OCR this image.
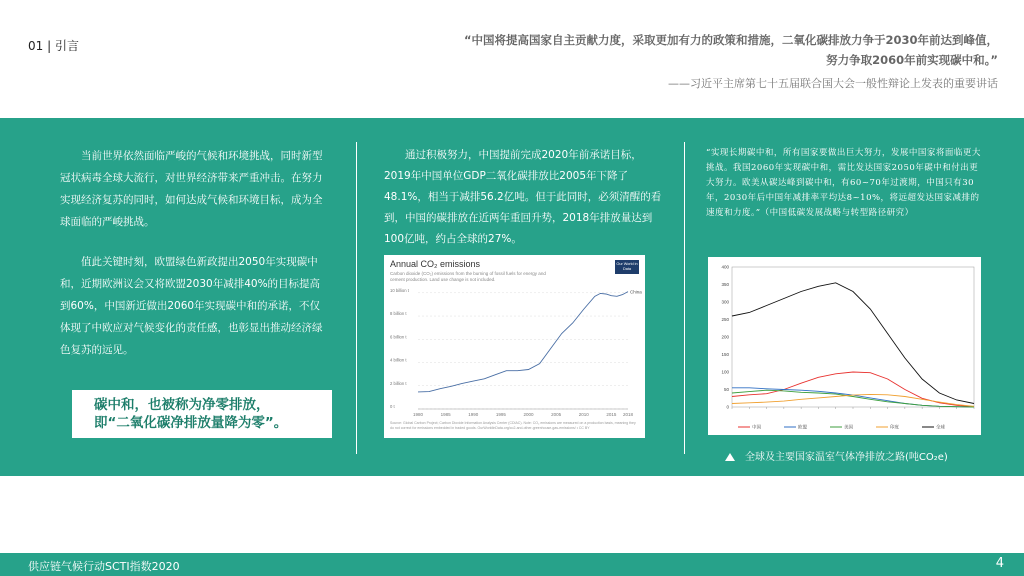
01 | 引言	“中国将提高国家自主贡献力度，采取更加有力的政策和措施，二氧化碳排放力争于2030年前达到峰值，
努力争取2060年前实现碳中和。”
——习近平主席第七十五届联合国大会一般性辩论上发表的重要讲话

当前世界依然面临严峻的气候和环境挑战，同时新型冠状病毒全球大流行，对世界经济带来严重冲击。在努力实现经济复苏的同时，如何达成气候和环境目标，成为全球面临的严峻挑战。

值此关键时刻，欧盟绿色新政提出2050年实现碳中和，近期欧洲议会又将欧盟2030年减排40%的目标提高到60%，中国新近做出2060年实现碳中和的承诺，不仅体现了中欧应对气候变化的责任感，也彰显出推动经济绿色复苏的远见。

碳中和，也被称为净零排放，
即“二氧化碳净排放量降为零”。

通过积极努力，中国提前完成2020年前承诺目标，2019年中国单位GDP二氧化碳排放比2005年下降了48.1%，相当于减排56.2亿吨。但于此同时，必须清醒的看到，中国的碳排放在近两年重回升势，2018年排放量达到100亿吨，约占全球的27%。

Annual CO₂ emissions
Carbon dioxide (CO₂) emissions from the burning of fossil fuels for energy and cement production. Land use change is not included.
Our World in Data
0 t
2 billion t
4 billion t
6 billion t
8 billion t
10 billion t
1980	1985	1990	1995	2000	2005	2010	2015 2018
China
Source: Global Carbon Project; Carbon Dioxide Information Analysis Center (CDIAC). Note: CO₂ emissions are measured on a production basis, meaning they do not correct for emissions embedded in traded goods. OurWorldInData.org/co2-and-other-greenhouse-gas-emissions/ • CC BY
“实现长期碳中和，所有国家要做出巨大努力，发展中国家将面临更大挑战。我国2060年实现碳中和，需比发达国家2050年碳中和付出更大努力。欧美从碳达峰到碳中和，有60~70年过渡期，中国只有30年，2030年后中国年减排率平均达8~10%，将远超发达国家减排的速度和力度。”（中国低碳发展战略与转型路径研究）
0
50
100
150
200
250
300
350
400
中国	欧盟	美国	印度	全球
全球及主要国家温室气体净排放之路(吨CO₂e)
供应链气候行动SCTI指数2020	4
